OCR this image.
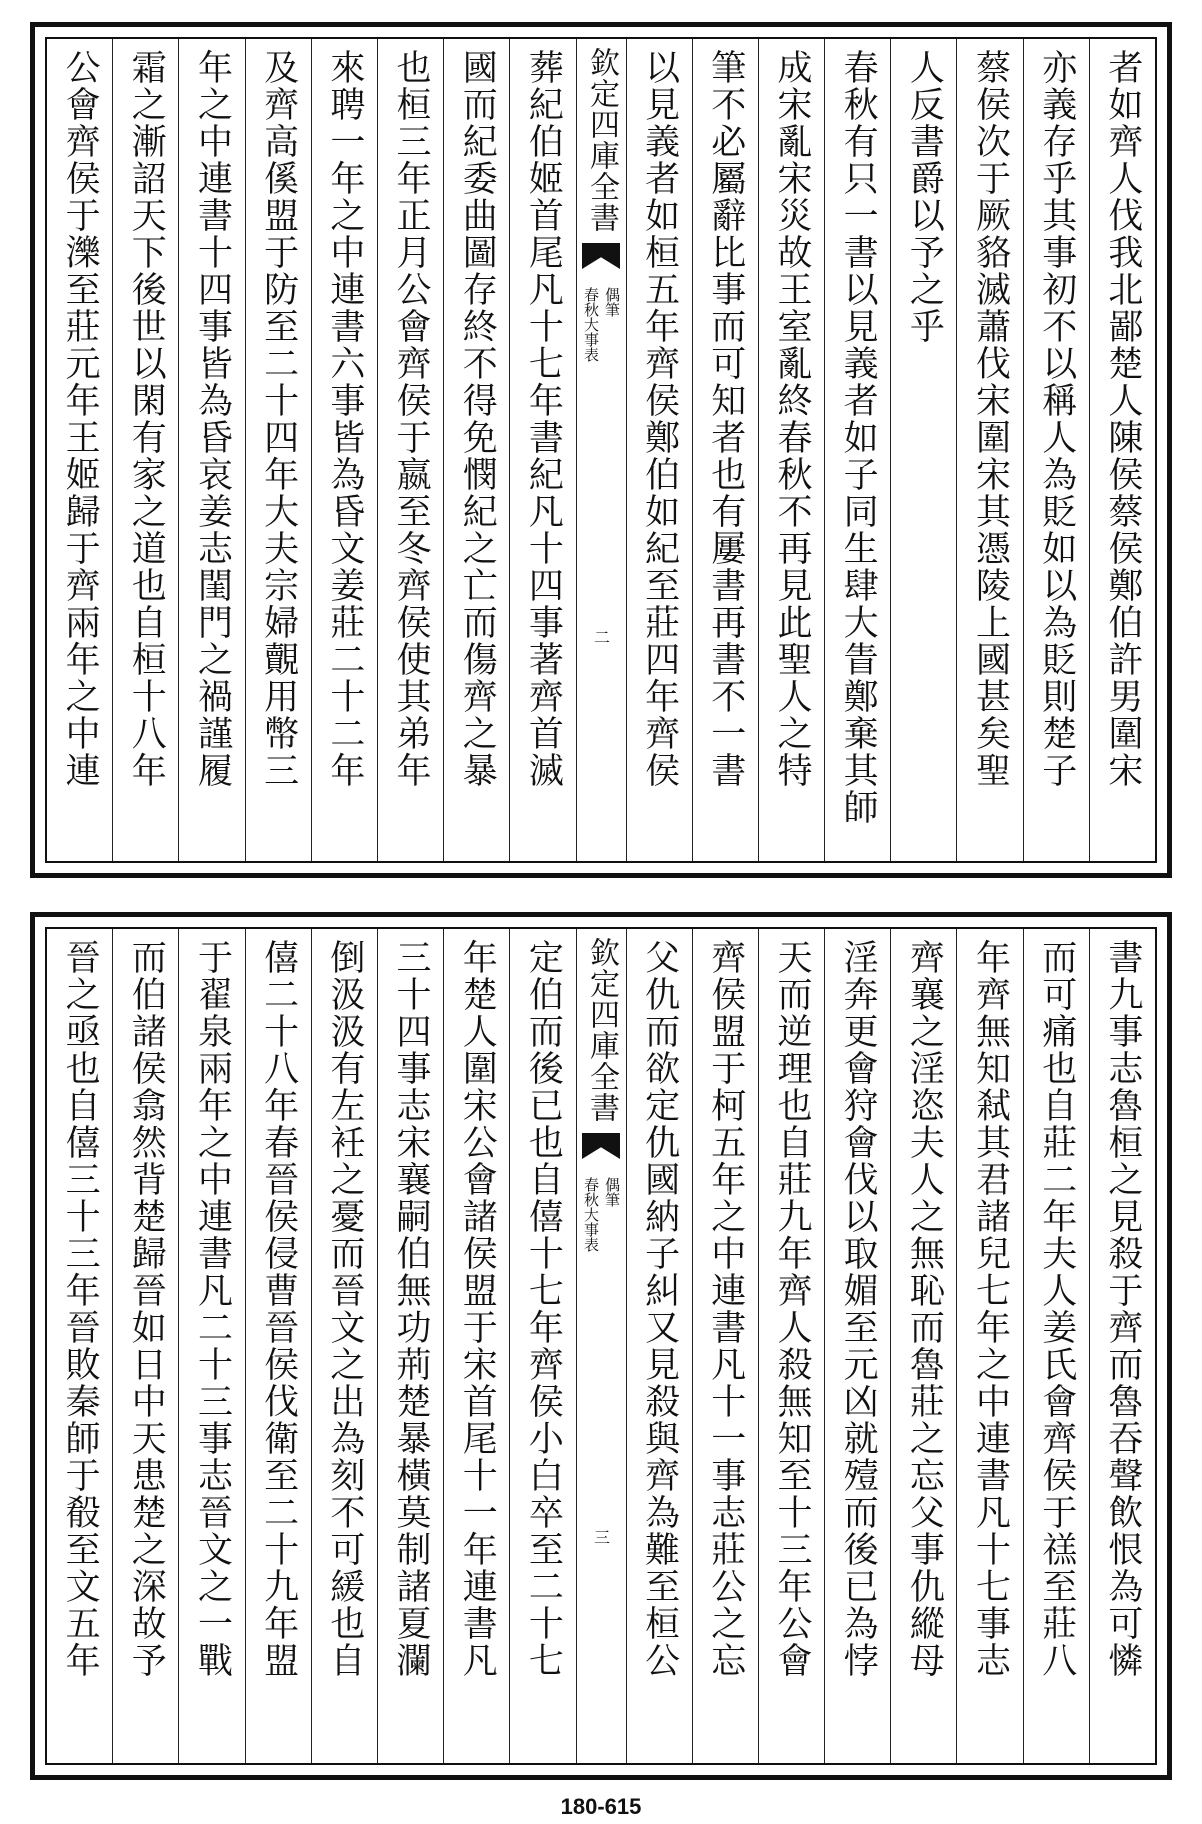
者如齊人伐我北鄙楚人陳侯蔡侯鄭伯許男圍宋
亦義存乎其事初不以稱人為貶如以為貶則楚子
蔡侯次于厥貉滅蕭伐宋圍宋其憑陵上國甚矣聖
人反書爵以予之乎
春秋有只一書以見義者如子同生肆大眚鄭棄其師
成宋亂宋災故王室亂終春秋不再見此聖人之特
筆不必屬辭比事而可知者也有屢書再書不一書
以見義者如桓五年齊侯鄭伯如紀至莊四年齊侯
欽定四庫全書
春秋大事表 偶筆
二
葬紀伯姬首尾凡十七年書紀凡十四事著齊首滅
國而紀委曲圖存終不得免憫紀之亡而傷齊之暴
也桓三年正月公會齊侯于嬴至冬齊侯使其弟年
來聘一年之中連書六事皆為昏文姜莊二十二年
及齊高傒盟于防至二十四年大夫宗婦覿用幣三
年之中連書十四事皆為昏哀姜志閨門之禍謹履
霜之漸詔天下後世以閑有家之道也自桓十八年
公會齊侯于濼至莊元年王姬歸于齊兩年之中連
書九事志魯桓之見殺于齊而魯吞聲飲恨為可憐
而可痛也自莊二年夫人姜氏會齊侯于禚至莊八
年齊無知弒其君諸兒七年之中連書凡十七事志
齊襄之淫恣夫人之無恥而魯莊之忘父事仇縱母
淫奔更會狩會伐以取媚至元凶就殪而後已為悖
天而逆理也自莊九年齊人殺無知至十三年公會
齊侯盟于柯五年之中連書凡十一事志莊公之忘
父仇而欲定仇國納子糾又見殺與齊為難至桓公
欽定四庫全書
春秋大事表 偶筆
三
定伯而後已也自僖十七年齊侯小白卒至二十七
年楚人圍宋公會諸侯盟于宋首尾十一年連書凡
三十四事志宋襄嗣伯無功荊楚暴橫莫制諸夏瀾
倒汲汲有左衽之憂而晉文之出為刻不可緩也自
僖二十八年春晉侯侵曹晉侯伐衛至二十九年盟
于翟泉兩年之中連書凡二十三事志晉文之一戰
而伯諸侯翕然背楚歸晉如日中天患楚之深故予
晉之亟也自僖三十三年晉敗秦師于殽至文五年
180-615
